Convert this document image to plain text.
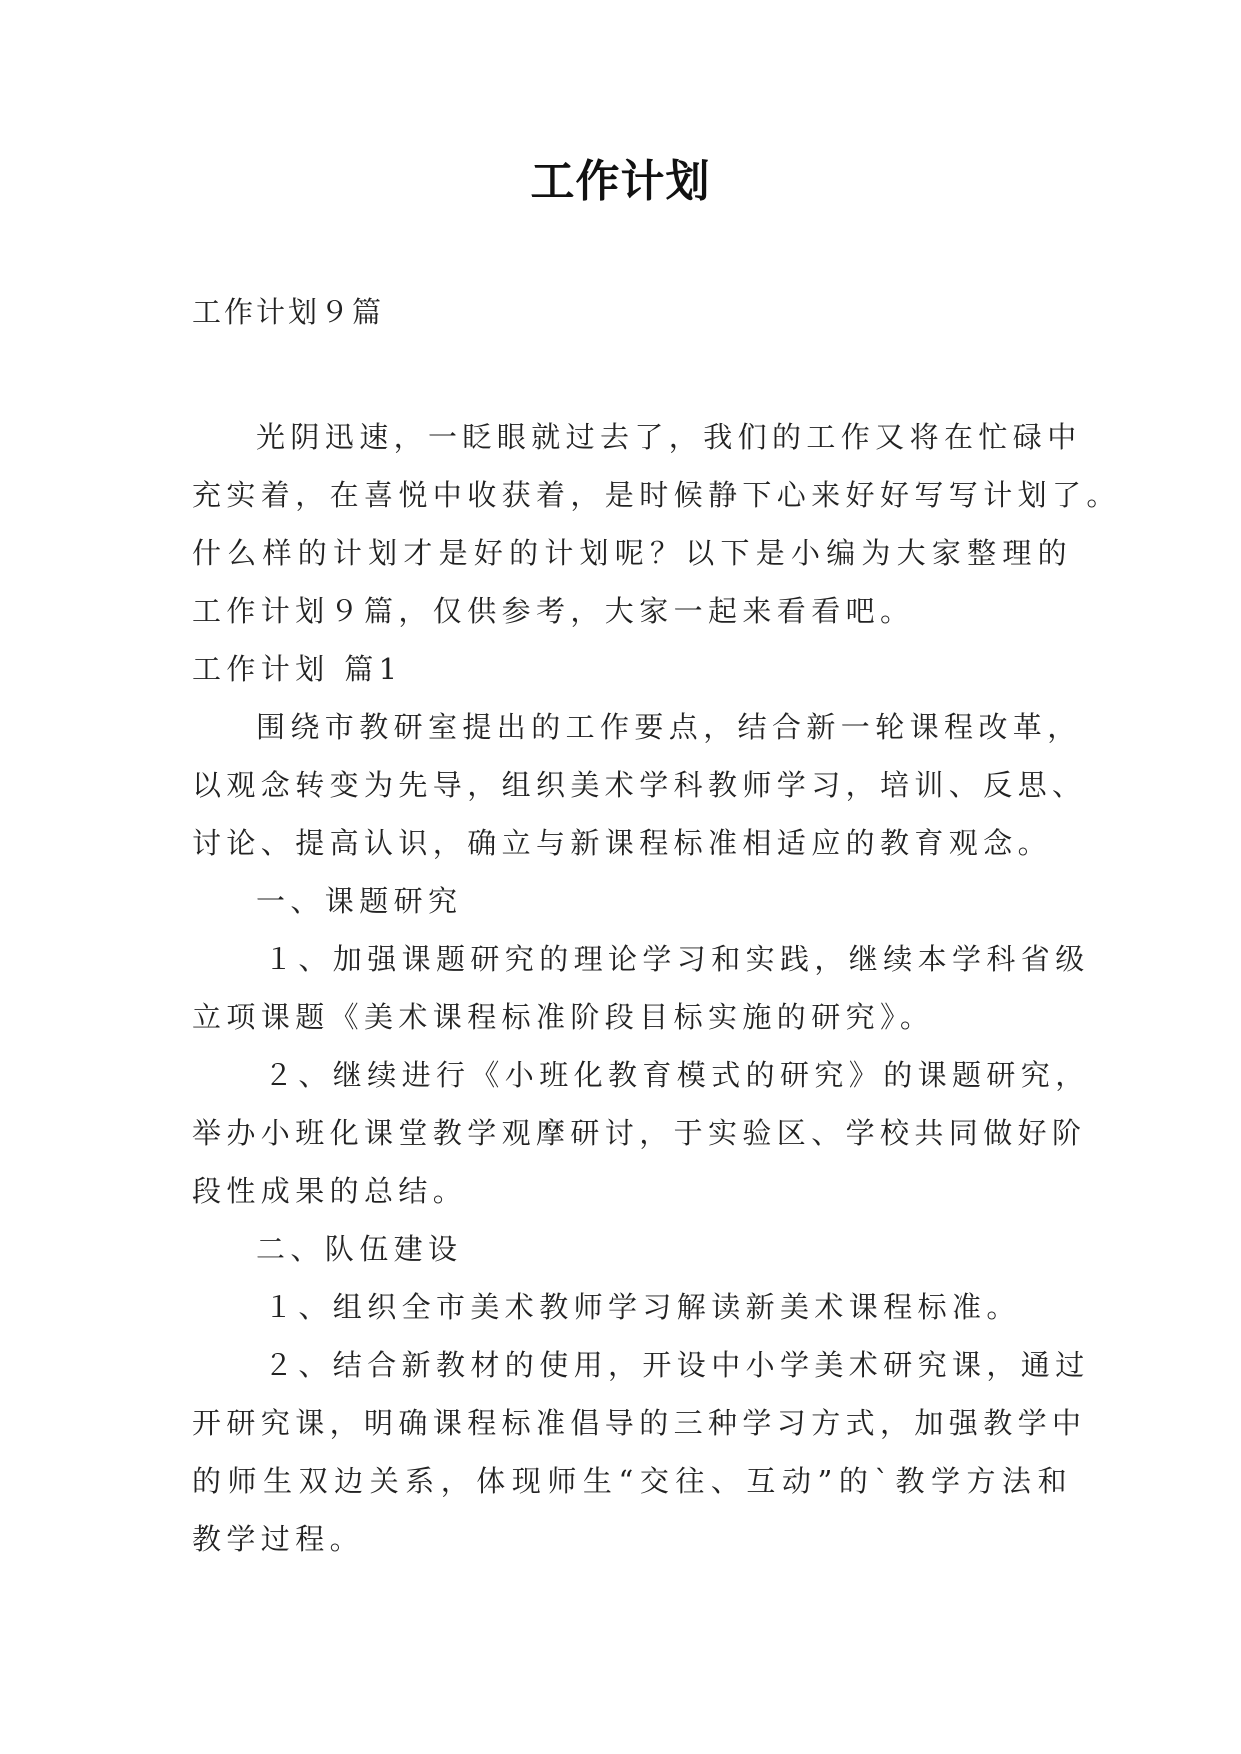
工作计划
工作计划９篇
光阴迅速，一眨眼就过去了，我们的工作又将在忙碌中
充实着，在喜悦中收获着，是时候静下心来好好写写计划了。
什么样的计划才是好的计划呢？以下是小编为大家整理的
工作计划９篇，仅供参考，大家一起来看看吧。
工作计划 篇1
围绕市教研室提出的工作要点，结合新一轮课程改革，
以观念转变为先导，组织美术学科教师学习，培训、反思、
讨论、提高认识，确立与新课程标准相适应的教育观念。
一、课题研究
１、加强课题研究的理论学习和实践，继续本学科省级
立项课题《美术课程标准阶段目标实施的研究》。
２、继续进行《小班化教育模式的研究》的课题研究，
举办小班化课堂教学观摩研讨，于实验区、学校共同做好阶
段性成果的总结。
二、队伍建设
１、组织全市美术教师学习解读新美术课程标准。
２、结合新教材的使用，开设中小学美术研究课，通过
开研究课，明确课程标准倡导的三种学习方式，加强教学中
的师生双边关系，体现师生“交往、互动”的`教学方法和
教学过程。
